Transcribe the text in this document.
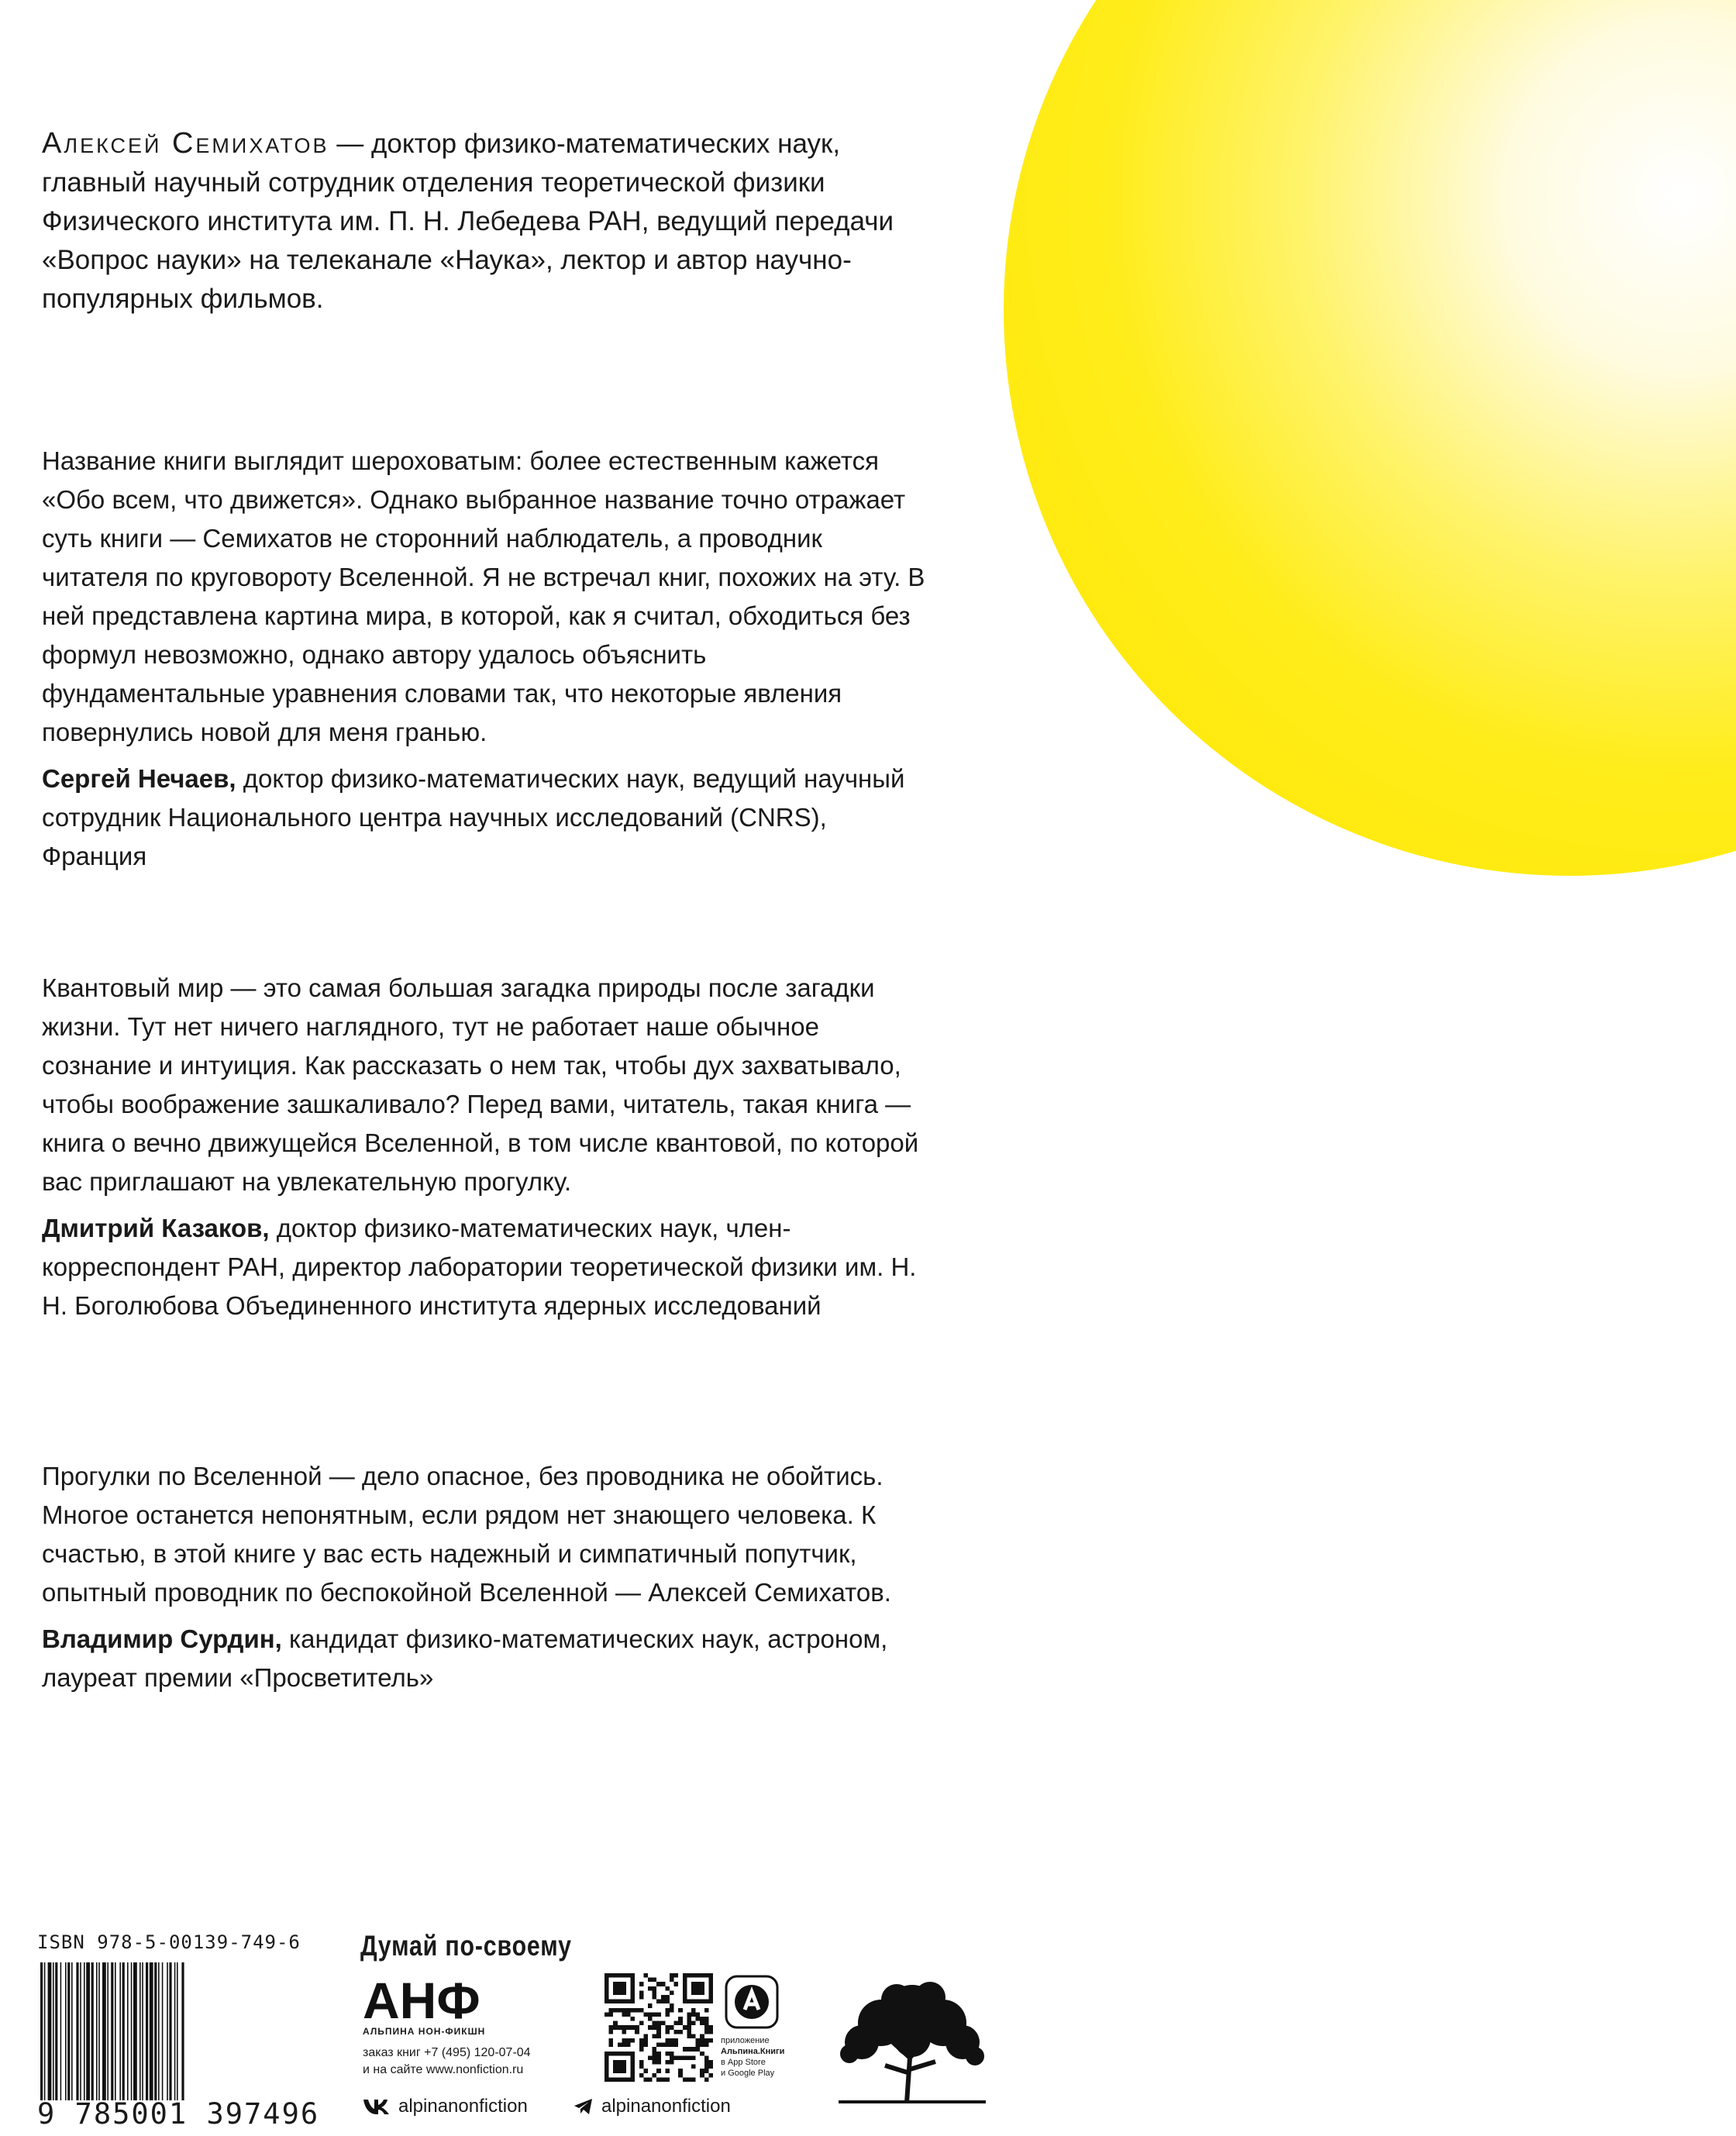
Алексей Семихатов — доктор физико-математических наук, главный научный сотрудник отделения теоретической физики Физического института им. П. Н. Лебедева РАН, ведущий передачи «Вопрос науки» на телеканале «Наука», лектор и автор научно-популярных фильмов.

Название книги выглядит шероховатым: более естественным кажется «Обо всем, что движется». Однако выбранное название точно отражает суть книги — Семихатов не сторонний наблюдатель, а проводник читателя по круговороту Вселенной. Я не встречал книг, похожих на эту. В ней представлена картина мира, в которой, как я считал, обходиться без формул невозможно, однако автору удалось объяснить фундаментальные уравнения словами так, что некоторые явления повернулись новой для меня гранью.

Сергей Нечаев, доктор физико-математических наук, ведущий научный сотрудник Национального центра научных исследований (CNRS), Франция

Квантовый мир — это самая большая загадка природы после загадки жизни. Тут нет ничего наглядного, тут не работает наше обычное сознание и интуиция. Как рассказать о нем так, чтобы дух захватывало, чтобы воображение зашкаливало? Перед вами, читатель, такая книга — книга о вечно движущейся Вселенной, в том числе квантовой, по которой вас приглашают на увлекательную прогулку.

Дмитрий Казаков, доктор физико-математических наук, член-корреспондент РАН, директор лаборатории теоретической физики им. Н. Н. Боголюбова Объединенного института ядерных исследований

Прогулки по Вселенной — дело опасное, без проводника не обойтись. Многое останется непонятным, если рядом нет знающего человека. К счастью, в этой книге у вас есть надежный и симпатичный попутчик, опытный проводник по беспокойной Вселенной — Алексей Семихатов.

Владимир Сурдин, кандидат физико-математических наук, астроном, лауреат премии «Просветитель»

ISBN 978-5-00139-749-6
9 785001 397496
Думай по-своему
АНФ
АЛЬПИНА НОН-ФИКШН
заказ книг +7 (495) 120-07-04
и на сайте www.nonfiction.ru
приложение
Альпина.Книги
в App Store
и Google Play
alpinanonfiction	alpinanonfiction
